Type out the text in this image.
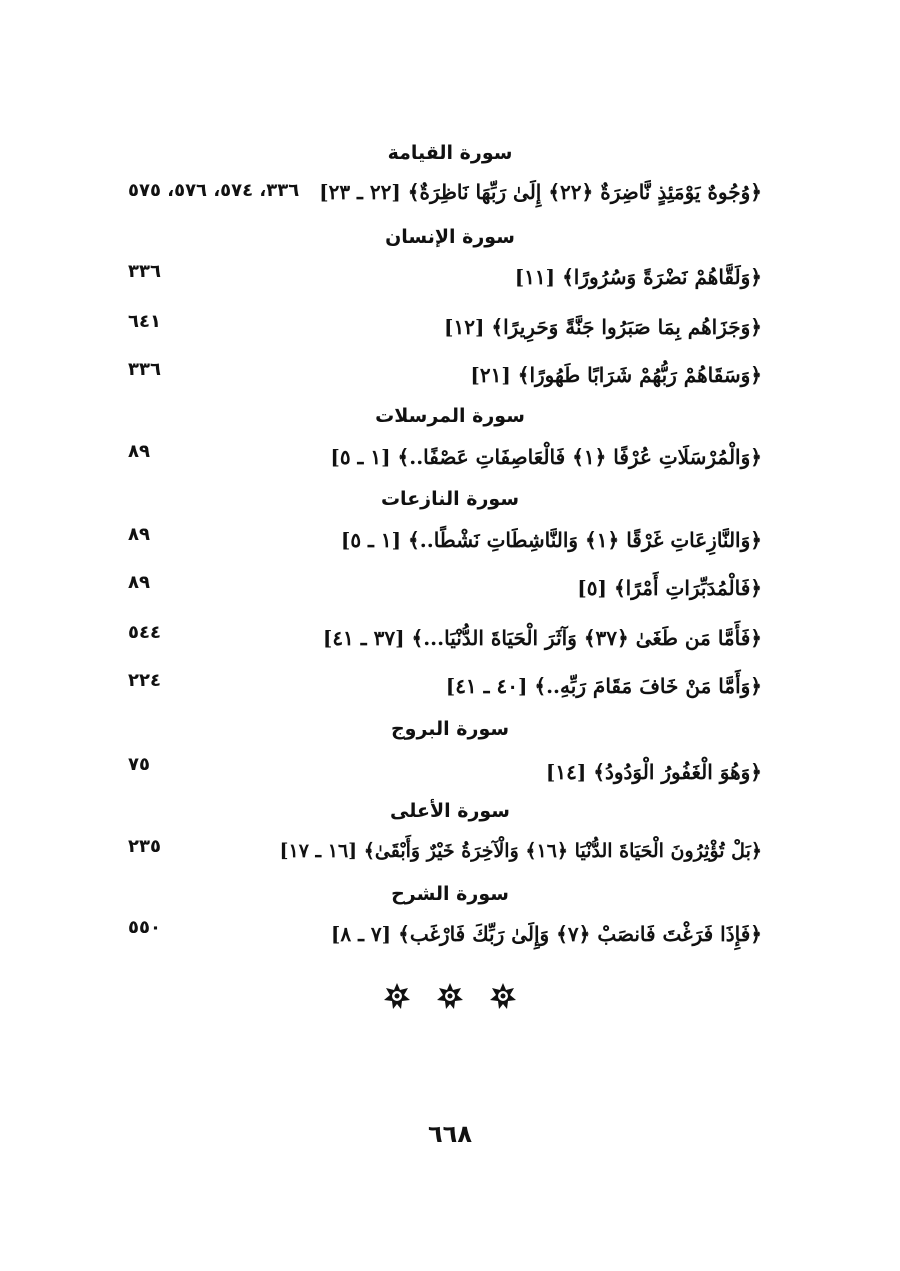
سورة القيامة
﴿وُجُوهٌ يَوْمَئِذٍ نَّاضِرَةٌ ﴿٢٢﴾ إِلَىٰ رَبِّهَا نَاظِرَةٌ﴾ [٢٢ ـ ٢٣]
٣٣٦، ٥٧٤، ٥٧٦، ٥٧٥
سورة الإنسان
﴿وَلَقَّاهُمْ نَضْرَةً وَسُرُورًا﴾ [١١]
٣٣٦
﴿وَجَزَاهُم بِمَا صَبَرُوا جَنَّةً وَحَرِيرًا﴾ [١٢]
٦٤١
﴿وَسَقَاهُمْ رَبُّهُمْ شَرَابًا طَهُورًا﴾ [٢١]
٣٣٦
سورة المرسلات
﴿وَالْمُرْسَلَاتِ عُرْفًا ﴿١﴾ فَالْعَاصِفَاتِ عَصْفًا..﴾ [١ ـ ٥]
٨٩
سورة النازعات
﴿وَالنَّازِعَاتِ غَرْقًا ﴿١﴾ وَالنَّاشِطَاتِ نَشْطًا..﴾ [١ ـ ٥]
٨٩
﴿فَالْمُدَبِّرَاتِ أَمْرًا﴾ [٥]
٨٩
﴿فَأَمَّا مَن طَغَىٰ ﴿٣٧﴾ وَآثَرَ الْحَيَاةَ الدُّنْيَا...﴾ [٣٧ ـ ٤١]
٥٤٤
﴿وَأَمَّا مَنْ خَافَ مَقَامَ رَبِّهِ..﴾ [٤٠ ـ ٤١]
٢٢٤
سورة البروج
﴿وَهُوَ الْغَفُورُ الْوَدُودُ﴾ [١٤]
٧٥
سورة الأعلى
﴿بَلْ تُؤْثِرُونَ الْحَيَاةَ الدُّنْيَا ﴿١٦﴾ وَالْآخِرَةُ خَيْرٌ وَأَبْقَىٰ﴾ [١٦ ـ ١٧]
٢٣٥
سورة الشرح
﴿فَإِذَا فَرَغْتَ فَانصَبْ ﴿٧﴾ وَإِلَىٰ رَبِّكَ فَارْغَب﴾ [٧ ـ ٨]
٥٥٠

٦٦٨
